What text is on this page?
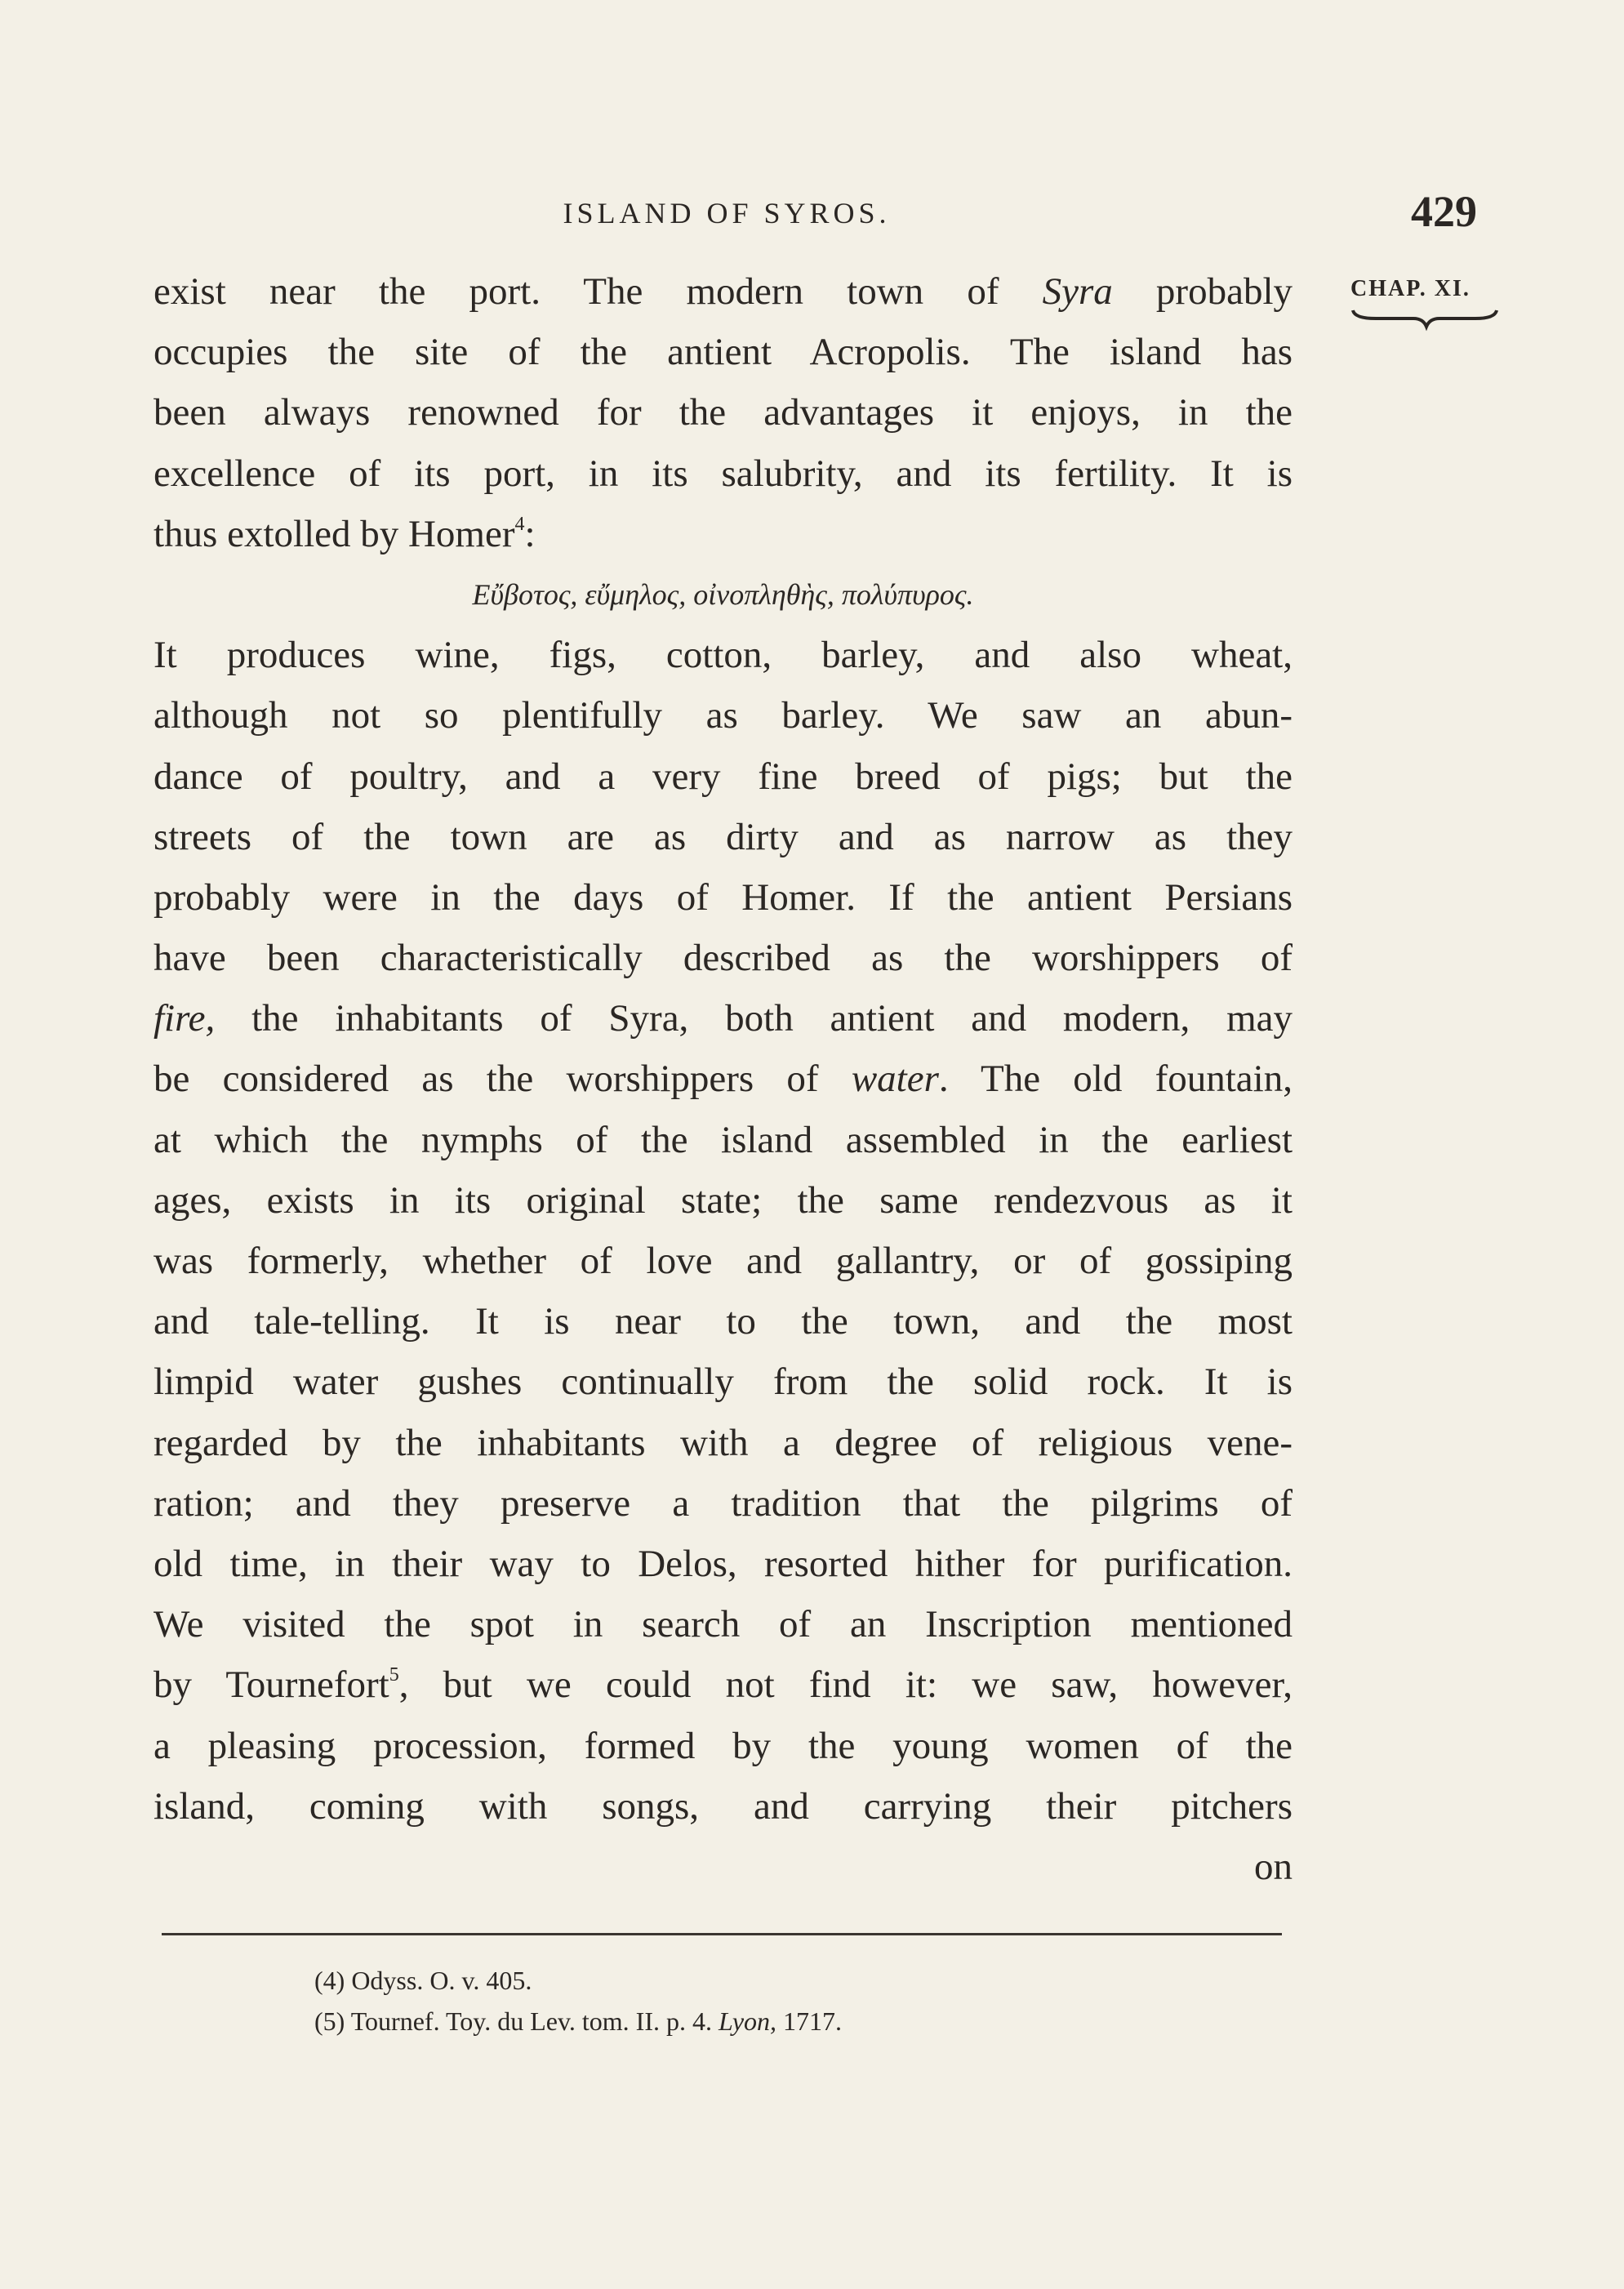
ISLAND OF SYROS.	429
CHAP. XI.
exist near the port. The modern town of Syra probably
occupies the site of the antient Acropolis. The island has
been always renowned for the advantages it enjoys, in the
excellence of its port, in its salubrity, and its fertility. It is
thus extolled by Homer$^4$:
Εὔβοτος, εὔμηλος, οἰνοπληθὴς, πολύπυρος.
It produces wine, figs, cotton, barley, and also wheat,
although not so plentifully as barley. We saw an abun-
dance of poultry, and a very fine breed of pigs; but the
streets of the town are as dirty and as narrow as they
probably were in the days of Homer. If the antient Persians
have been characteristically described as the worshippers of
fire, the inhabitants of Syra, both antient and modern, may
be considered as the worshippers of water. The old fountain,
at which the nymphs of the island assembled in the earliest
ages, exists in its original state; the same rendezvous as it
was formerly, whether of love and gallantry, or of gossiping
and tale-telling. It is near to the town, and the most
limpid water gushes continually from the solid rock. It is
regarded by the inhabitants with a degree of religious vene-
ration; and they preserve a tradition that the pilgrims of
old time, in their way to Delos, resorted hither for purification.
We visited the spot in search of an Inscription mentioned
by Tournefort$^5$, but we could not find it: we saw, however,
a pleasing procession, formed by the young women of the
island, coming with songs, and carrying their pitchers
on
(4) Odyss. O. v. 405.
(5) Tournef. Toy. du Lev. tom. II. p. 4. Lyon, 1717.
